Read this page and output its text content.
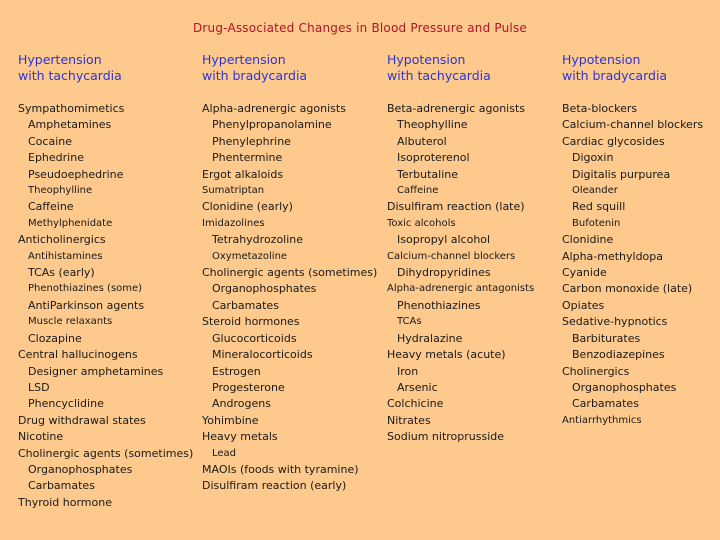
Drug-Associated Changes in Blood Pressure and Pulse
Hypertension
with tachycardia
Sympathomimetics
Amphetamines
Cocaine
Ephedrine
Pseudoephedrine
Theophylline
Caffeine
Methylphenidate
Anticholinergics
Antihistamines
TCAs (early)
Phenothiazines (some)
AntiParkinson agents
Muscle relaxants
Clozapine
Central hallucinogens
Designer amphetamines
LSD
Phencyclidine
Drug withdrawal states
Nicotine
Cholinergic agents (sometimes)
Organophosphates
Carbamates
Thyroid hormone
Hypertension
with bradycardia
Alpha-adrenergic agonists
Phenylpropanolamine
Phenylephrine
Phentermine
Ergot alkaloids
Sumatriptan
Clonidine (early)
Imidazolines
Tetrahydrozoline
Oxymetazoline
Cholinergic agents (sometimes)
Organophosphates
Carbamates
Steroid hormones
Glucocorticoids
Mineralocorticoids
Estrogen
Progesterone
Androgens
Yohimbine
Heavy metals
Lead
MAOIs (foods with tyramine)
Disulfiram reaction (early)
Hypotension
with tachycardia
Beta-adrenergic agonists
Theophylline
Albuterol
Isoproterenol
Terbutaline
Caffeine
Disulfiram reaction (late)
Toxic alcohols
Isopropyl alcohol
Calcium-channel blockers
Dihydropyridines
Alpha-adrenergic antagonists
Phenothiazines
TCAs
Hydralazine
Heavy metals (acute)
Iron
Arsenic
Colchicine
Nitrates
Sodium nitroprusside
Hypotension
with bradycardia
Beta-blockers
Calcium-channel blockers
Cardiac glycosides
Digoxin
Digitalis purpurea
Oleander
Red squill
Bufotenin
Clonidine
Alpha-methyldopa
Cyanide
Carbon monoxide (late)
Opiates
Sedative-hypnotics
Barbiturates
Benzodiazepines
Cholinergics
Organophosphates
Carbamates
Antiarrhythmics
